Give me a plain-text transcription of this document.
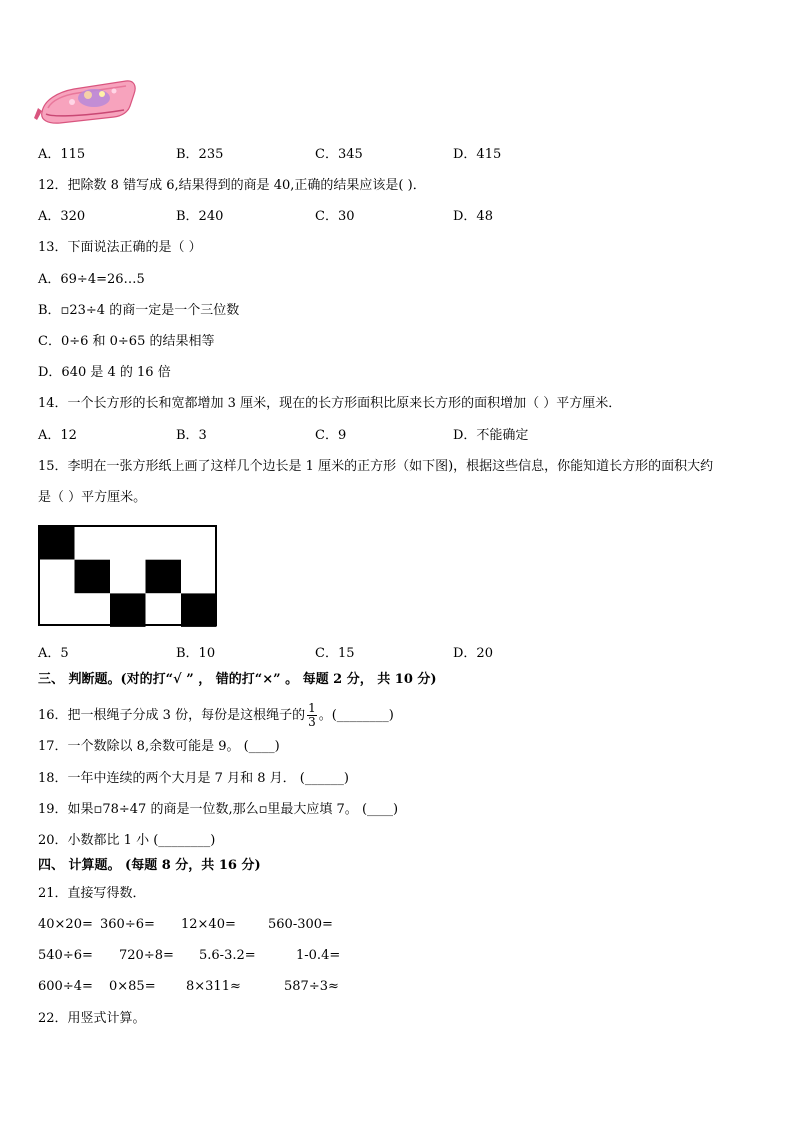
A．115	B．235	C．345	D．415
12．把除数 8 错写成 6,结果得到的商是 40,正确的结果应该是( )．
A．320	B．240	C．30	D．48
13．下面说法正确的是（ ）
A．69÷4=26…5
B．▫23÷4 的商一定是一个三位数
C．0÷6 和 0÷65 的结果相等
D．640 是 4 的 16 倍
14．一个长方形的长和宽都增加 3 厘米，现在的长方形面积比原来长方形的面积增加（ ）平方厘米．
A．12	B．3	C．9	D．不能确定
15．李明在一张方形纸上画了这样几个边长是 1 厘米的正方形（如下图)，根据这些信息，你能知道长方形的面积大约
是（ ）平方厘米。
A．5	B．10	C．15	D．20
三、 判断题。(对的打“√ ” ， 错的打“×” 。 每题 2 分， 共 10 分)
16．把一根绳子分成 3 份，每份是这根绳子的 $\frac{1}{3}$ 。(________)
17．一个数除以 8,余数可能是 9。 (____)
18．一年中连续的两个大月是 7 月和 8 月． (______)
19．如果▫78÷47 的商是一位数,那么▫里最大应填 7。 (____)
20．小数都比 1 小 (________)
四、 计算题。 (每题 8 分，共 16 分)
21．直接写得数．
40×20= 360÷6= 12×40= 560-300=
540÷6= 720÷8= 5.6-3.2=	1-0.4=
600÷4= 0×85= 8×311≈	587÷3≈
22．用竖式计算。
